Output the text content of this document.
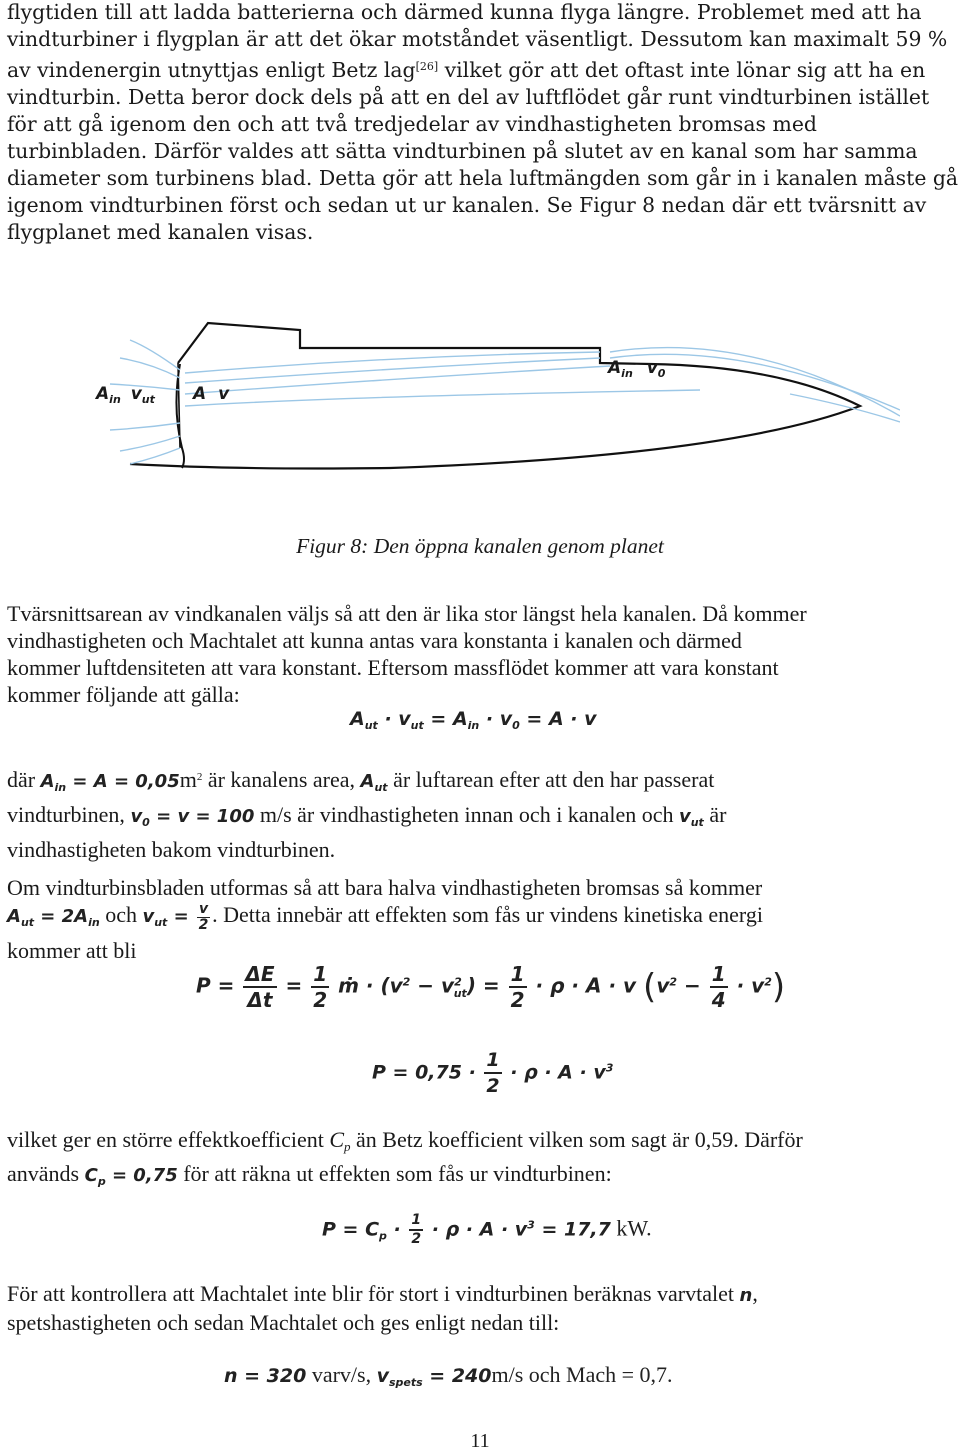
flygtiden till att ladda batterierna och därmed kunna flyga längre. Problemet med att ha
vindturbiner i flygplan är att det ökar motståndet väsentligt. Dessutom kan maximalt 59 %
av vindenergin utnyttjas enligt Betz lag[26] vilket gör att det oftast inte lönar sig att ha en
vindturbin. Detta beror dock dels på att en del av luftflödet går runt vindturbinen istället
för att gå igenom den och att två tredjedelar av vindhastigheten bromsas med
turbinbladen. Därför valdes att sätta vindturbinen på slutet av en kanal som har samma
diameter som turbinens blad. Detta gör att hela luftmängden som går in i kanalen måste gå
igenom vindturbinen först och sedan ut ur kanalen. Se Figur 8 nedan där ett tvärsnitt av
flygplanet med kanalen visas.
$A_{in}$ $v_{ut}$ A v
$A_{in}$ $v_0$
Figur 8: Den öppna kanalen genom planet
Tvärsnittsarean av vindkanalen väljs så att den är lika stor längst hela kanalen. Då kommer
vindhastigheten och Machtalet att kunna antas vara konstanta i kanalen och därmed
kommer luftdensiteten att vara konstant. Eftersom massflödet kommer att vara konstant
kommer följande att gälla:
$A_{ut} \cdot v_{ut} = A_{in} \cdot v_0 = A \cdot v$
där $A_{in} = A = 0,05m^2$ är kanalens area, $A_{ut}$ är luftarean efter att den har passerat
vindturbinen, $v_0 = v = 100$ m/s är vindhastigheten innan och i kanalen och $v_{ut}$ är
vindhastigheten bakom vindturbinen.
Om vindturbinsbladen utformas så att bara halva vindhastigheten bromsas så kommer
$A_{ut} = 2A_{in}$ och $v_{ut} = \frac{v}{2}$ . Detta innebär att effekten som fås ur vindens kinetiska energi
kommer att bli
$P = \frac{\Delta E}{\Delta t} = \frac{1}{2}$ ṁ · $(v^2 - v^2_{ut}) = \frac{1}{2} \cdot \rho \cdot A \cdot v$ $(v^2 - \frac{1}{4} \cdot v^2)$
$P = 0,75 \cdot \frac{1}{2} \cdot \rho \cdot A \cdot v^3$
vilket ger en större effektkoefficient Cp än Betz koefficient vilken som sagt är 0,59. Därför
används $C_p = 0,75$ för att räkna ut effekten som fås ur vindturbinen:
$P = C_p \cdot \frac{1}{2} \cdot \rho \cdot A \cdot v^3 = 17,7$ kW.
För att kontrollera att Machtalet inte blir för stort i vindturbinen beräknas varvtalet n,
spetshastigheten och sedan Machtalet och ges enligt nedan till:
n = 320 varv/s, $v_{spets} = 240m/s$ och Mach = 0,7.
11
